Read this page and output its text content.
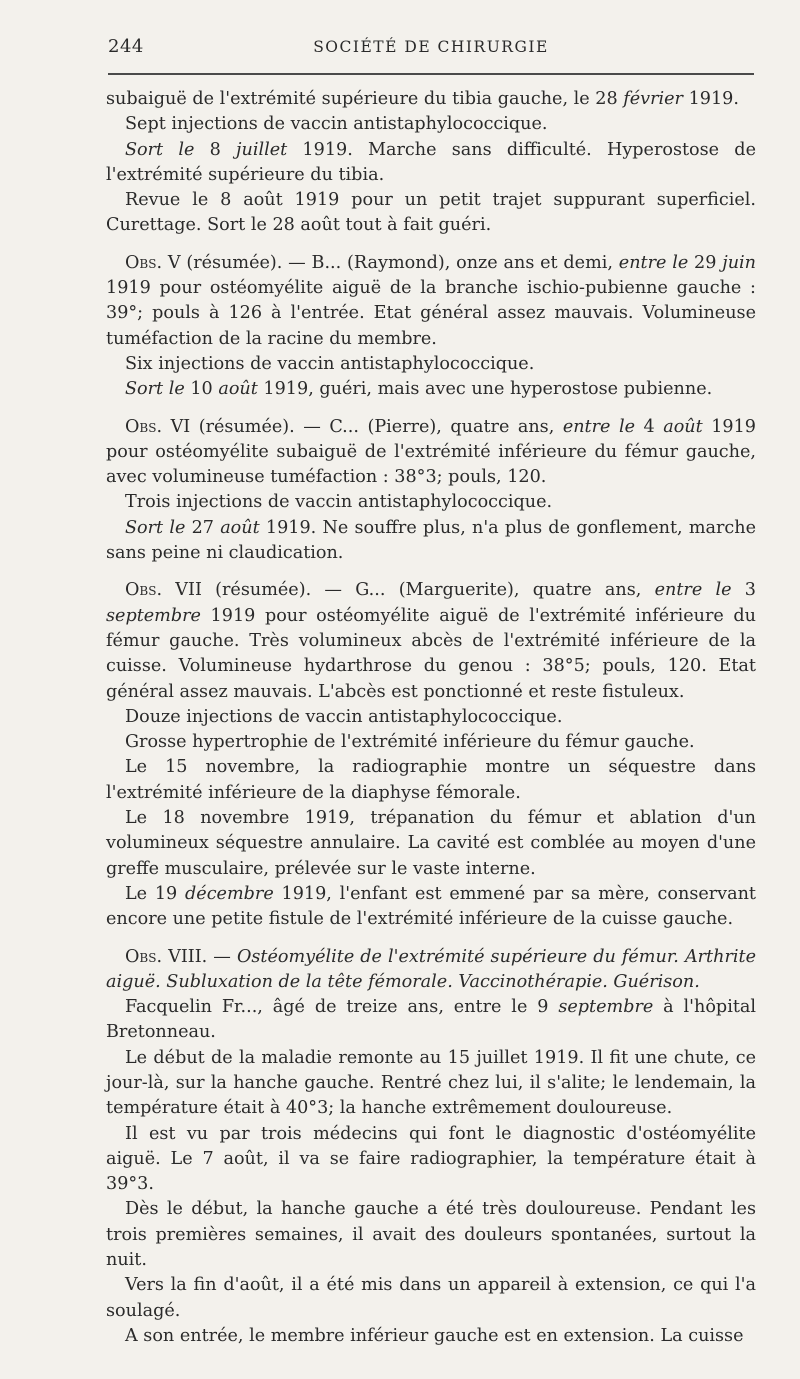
244	SOCIÉTÉ DE CHIRURGIE

subaiguë de l'extrémité supérieure du tibia gauche, le 28 février 1919.

Sept injections de vaccin antistaphylococcique.

Sort le 8 juillet 1919. Marche sans difficulté. Hyperostose de l'extrémité supérieure du tibia.

Revue le 8 août 1919 pour un petit trajet suppurant superficiel. Curettage. Sort le 28 août tout à fait guéri.

Obs. V (résumée). — B... (Raymond), onze ans et demi, entre le 29 juin 1919 pour ostéomyélite aiguë de la branche ischio-pubienne gauche : 39°; pouls à 126 à l'entrée. Etat général assez mauvais. Volumineuse tuméfaction de la racine du membre.

Six injections de vaccin antistaphylococcique.

Sort le 10 août 1919, guéri, mais avec une hyperostose pubienne.

Obs. VI (résumée). — C... (Pierre), quatre ans, entre le 4 août 1919 pour ostéomyélite subaiguë de l'extrémité inférieure du fémur gauche, avec volumineuse tuméfaction : 38°3; pouls, 120.

Trois injections de vaccin antistaphylococcique.

Sort le 27 août 1919. Ne souffre plus, n'a plus de gonflement, marche sans peine ni claudication.

Obs. VII (résumée). — G... (Marguerite), quatre ans, entre le 3 septembre 1919 pour ostéomyélite aiguë de l'extrémité inférieure du fémur gauche. Très volumineux abcès de l'extrémité inférieure de la cuisse. Volumineuse hydarthrose du genou : 38°5; pouls, 120. Etat général assez mauvais. L'abcès est ponctionné et reste fistuleux.

Douze injections de vaccin antistaphylococcique.

Grosse hypertrophie de l'extrémité inférieure du fémur gauche.

Le 15 novembre, la radiographie montre un séquestre dans l'extrémité inférieure de la diaphyse fémorale.

Le 18 novembre 1919, trépanation du fémur et ablation d'un volumineux séquestre annulaire. La cavité est comblée au moyen d'une greffe musculaire, prélevée sur le vaste interne.

Le 19 décembre 1919, l'enfant est emmené par sa mère, conservant encore une petite fistule de l'extrémité inférieure de la cuisse gauche.

Obs. VIII. — Ostéomyélite de l'extrémité supérieure du fémur. Arthrite aiguë. Subluxation de la tête fémorale. Vaccinothérapie. Guérison.

Facquelin Fr..., âgé de treize ans, entre le 9 septembre à l'hôpital Bretonneau.

Le début de la maladie remonte au 15 juillet 1919. Il fit une chute, ce jour-là, sur la hanche gauche. Rentré chez lui, il s'alite; le lendemain, la température était à 40°3; la hanche extrêmement douloureuse.

Il est vu par trois médecins qui font le diagnostic d'ostéomyélite aiguë. Le 7 août, il va se faire radiographier, la température était à 39°3.

Dès le début, la hanche gauche a été très douloureuse. Pendant les trois premières semaines, il avait des douleurs spontanées, surtout la nuit.

Vers la fin d'août, il a été mis dans un appareil à extension, ce qui l'a soulagé.

A son entrée, le membre inférieur gauche est en extension. La cuisse
